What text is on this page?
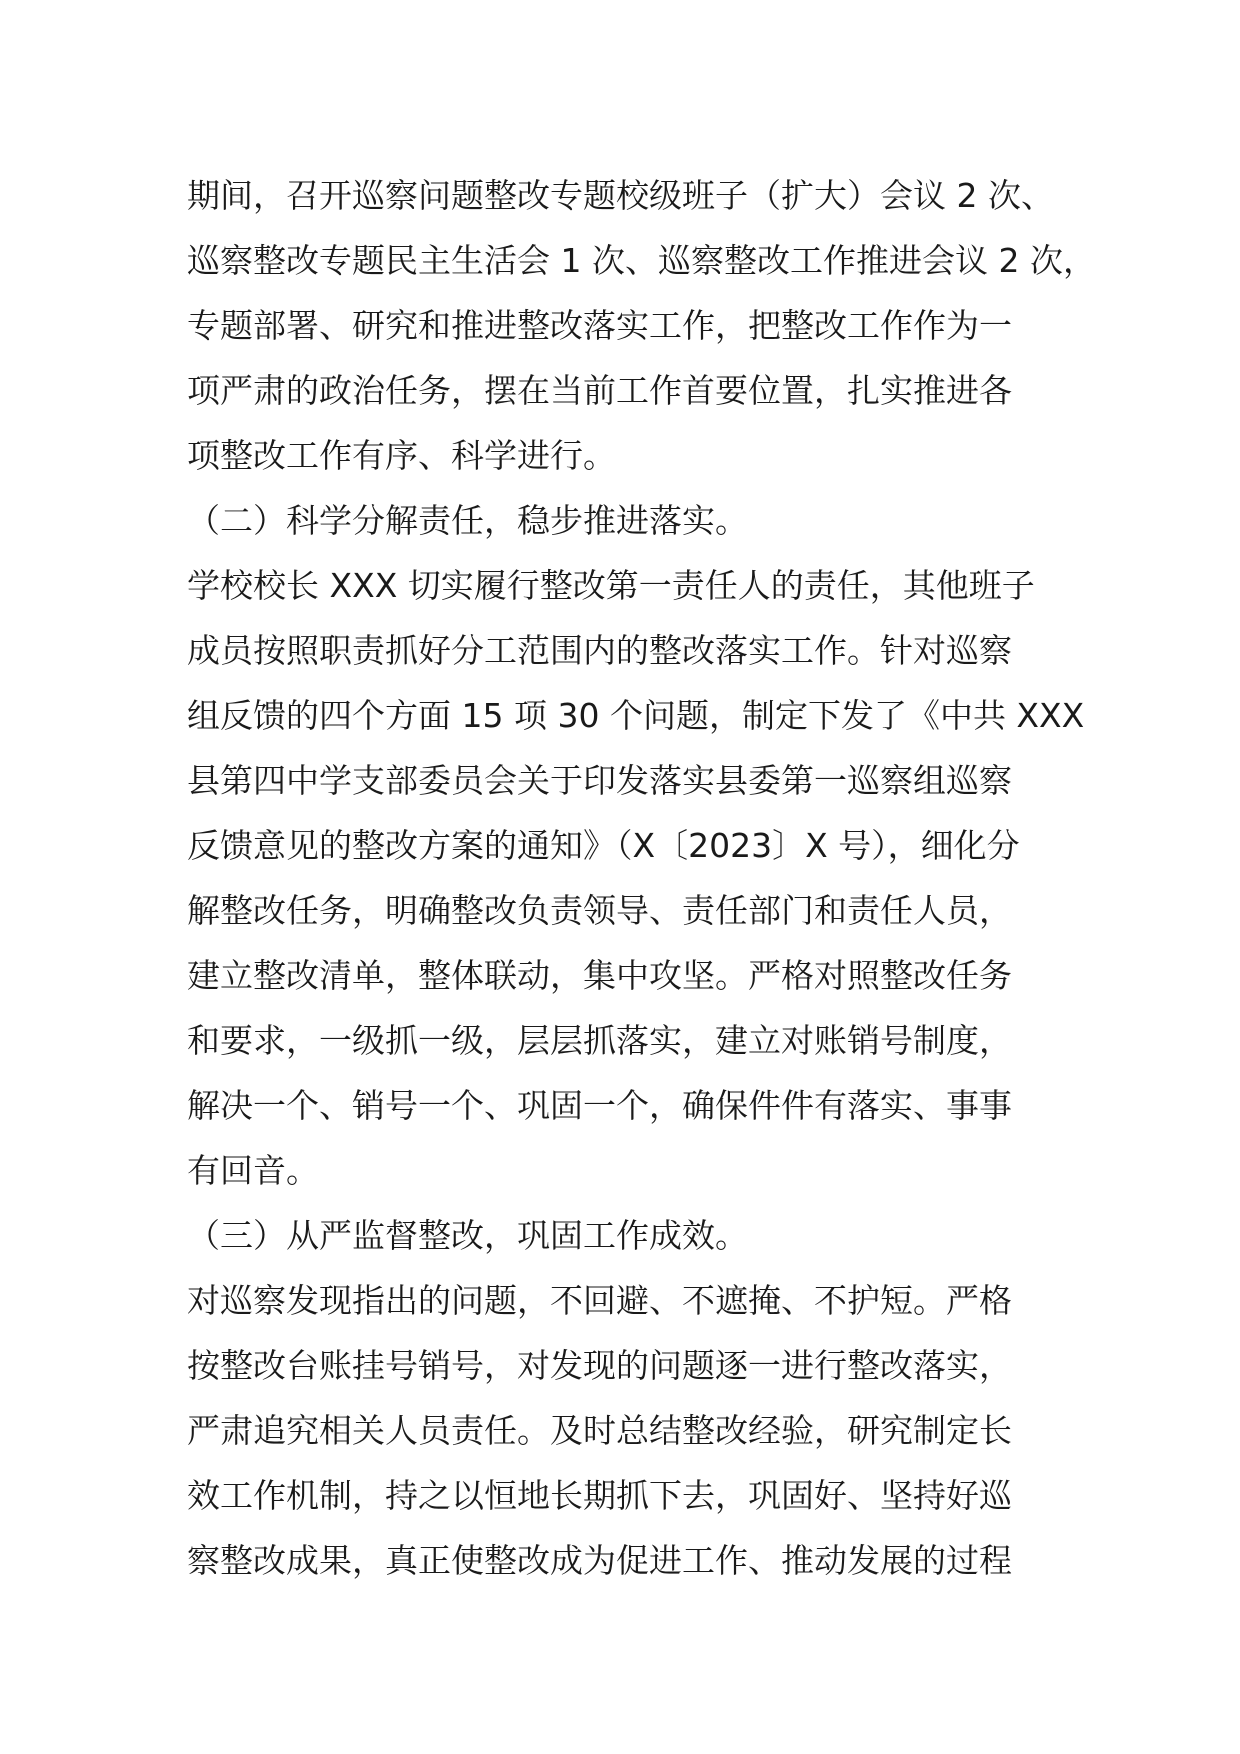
期间，召开巡察问题整改专题校级班子（扩大）会议 2 次、
巡察整改专题民主生活会 1 次、巡察整改工作推进会议 2 次，
专题部署、研究和推进整改落实工作，把整改工作作为一
项严肃的政治任务，摆在当前工作首要位置，扎实推进各
项整改工作有序、科学进行。
（二）科学分解责任，稳步推进落实。
学校校长 XXX 切实履行整改第一责任人的责任，其他班子
成员按照职责抓好分工范围内的整改落实工作。针对巡察
组反馈的四个方面 15 项 30 个问题，制定下发了《中共 XXX
县第四中学支部委员会关于印发落实县委第一巡察组巡察
反馈意见的整改方案的通知》（X〔2023〕X 号），细化分
解整改任务，明确整改负责领导、责任部门和责任人员，
建立整改清单，整体联动，集中攻坚。严格对照整改任务
和要求，一级抓一级，层层抓落实，建立对账销号制度，
解决一个、销号一个、巩固一个，确保件件有落实、事事
有回音。
（三）从严监督整改，巩固工作成效。
对巡察发现指出的问题，不回避、不遮掩、不护短。严格
按整改台账挂号销号，对发现的问题逐一进行整改落实，
严肃追究相关人员责任。及时总结整改经验，研究制定长
效工作机制，持之以恒地长期抓下去，巩固好、坚持好巡
察整改成果，真正使整改成为促进工作、推动发展的过程
